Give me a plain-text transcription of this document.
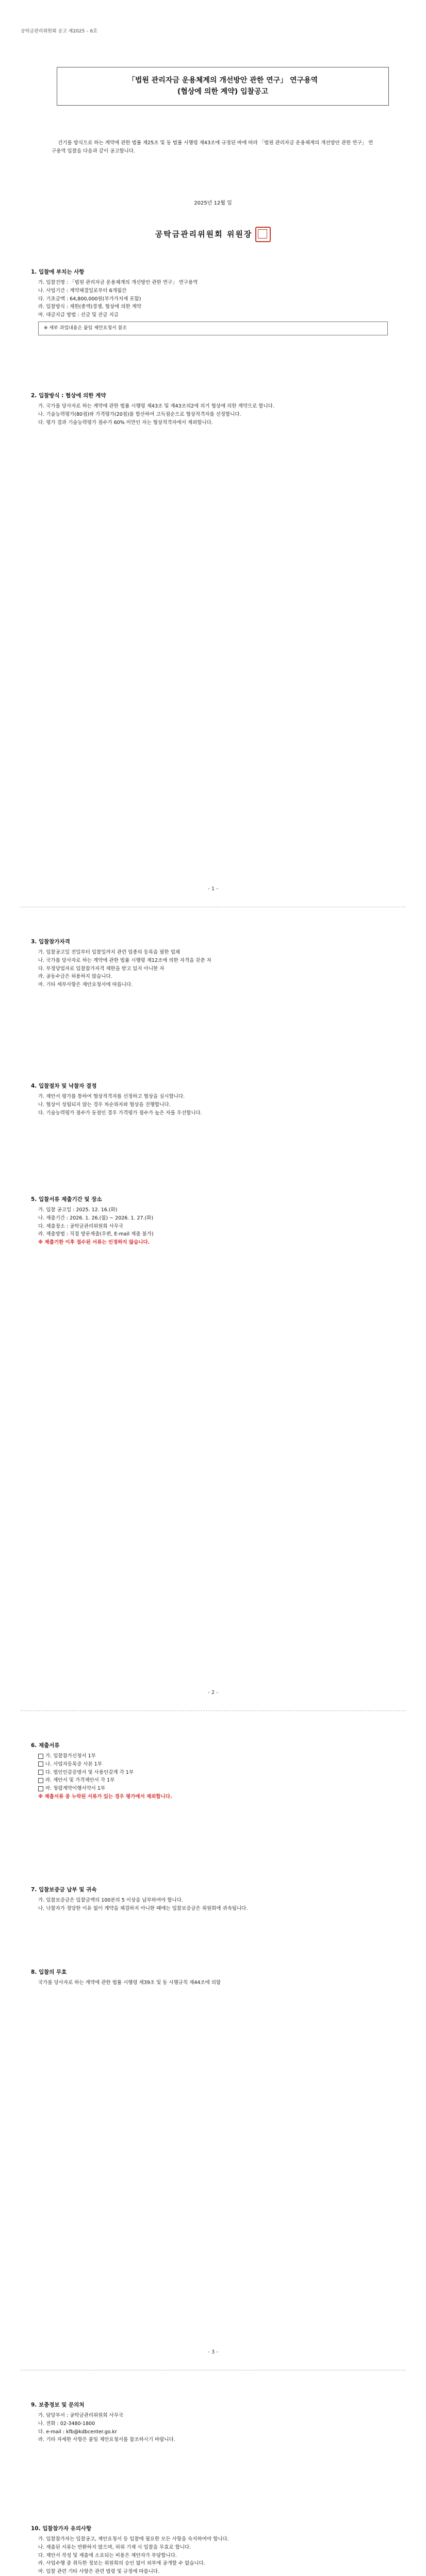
공탁금관리위원회 공고 제2025 – 6호
「법원 관리자금 운용체계의 개선방안 관한 연구」 연구용역
(협상에 의한 계약) 입찰공고
건기를 방식으로 하는 계약에 관한 법률 제25조 및 동 법률 시행령 제43조에 규정된 바에 따라 「법원 관리자금 운용체계의 개선방안 관한 연구」 연구용역 입찰을 다음과 같이 공고합니다.
2025년 12월 일
공탁금관리위원회 위원장
1. 입찰에 부치는 사항
가. 입찰건명 : 「법원 관리자금 운용체계의 개선방안 관한 연구」 연구용역
나. 사업기간 : 계약체결일로부터 6개월간
다. 기초금액 : 64,800,000원(부가가치세 포함)
라. 입찰방식 : 제한(총액)경쟁, 협상에 의한 계약
마. 대금지급 방법 : 선금 및 잔금 지급
※ 세부 과업내용은 붙임 제안요청서 참조
2. 입찰방식 : 협상에 의한 계약
가. 국가를 당사자로 하는 계약에 관한 법률 시행령 제43조 및 제43조의2에 의거 협상에 의한 계약으로 합니다.
나. 기술능력평가(80점)와 가격평가(20점)를 합산하여 고득점순으로 협상적격자를 선정합니다.
다. 평가 결과 기술능력평가 점수가 60% 미만인 자는 협상적격자에서 제외합니다.
- 1 -
3. 입찰참가자격
가. 입찰공고일 전일부터 입찰일까지 관련 업종의 등록을 필한 업체
나. 국가를 당사자로 하는 계약에 관한 법률 시행령 제12조에 의한 자격을 갖춘 자
다. 부정당업자로 입찰참가자격 제한을 받고 있지 아니한 자
라. 공동수급은 허용하지 않습니다.
마. 기타 세부사항은 제안요청서에 따릅니다.
4. 입찰절차 및 낙찰자 결정
가. 제안서 평가를 통하여 협상적격자를 선정하고 협상을 실시합니다.
나. 협상이 성립되지 않는 경우 차순위자와 협상을 진행합니다.
다. 기술능력평가 점수가 동점인 경우 가격평가 점수가 높은 자를 우선합니다.
5. 입찰서류 제출기간 및 장소
가. 입찰 공고일 : 2025. 12. 16.(화)
나. 제출기간 : 2026. 1. 26.(월) ~ 2026. 1. 27.(화)
다. 제출장소 : 공탁금관리위원회 사무국
라. 제출방법 : 직접 방문제출(우편, E-mail 제출 불가)
※ 제출기한 이후 접수된 서류는 인정하지 않습니다.
- 2 -
6. 제출서류
가. 입찰참가신청서 1부
나. 사업자등록증 사본 1부
다. 법인인감증명서 및 사용인감계 각 1부
라. 제안서 및 가격제안서 각 1부
마. 청렴계약이행서약서 1부
※ 제출서류 중 누락된 서류가 있는 경우 평가에서 제외합니다.
7. 입찰보증금 납부 및 귀속
가. 입찰보증금은 입찰금액의 100분의 5 이상을 납부하여야 합니다.
나. 낙찰자가 정당한 이유 없이 계약을 체결하지 아니한 때에는 입찰보증금은 위원회에 귀속됩니다.
8. 입찰의 무효
국가를 당사자로 하는 계약에 관한 법률 시행령 제39조 및 동 시행규칙 제44조에 의함
- 3 -
9. 보충정보 및 문의처
가. 담당부서 : 공탁금관리위원회 사무국
나. 전화 : 02-3480-1800
다. e-mail : kfb@kdbcenter.go.kr
라. 기타 자세한 사항은 붙임 제안요청서를 참조하시기 바랍니다.
10. 입찰참가자 유의사항
가. 입찰참가자는 입찰공고, 제안요청서 등 입찰에 필요한 모든 사항을 숙지하여야 합니다.
나. 제출된 서류는 반환하지 않으며, 허위 기재 시 입찰을 무효로 합니다.
다. 제안서 작성 및 제출에 소요되는 비용은 제안자가 부담합니다.
라. 사업수행 중 취득한 정보는 위원회의 승인 없이 외부에 공개할 수 없습니다.
마. 입찰 관련 기타 사항은 관련 법령 및 규정에 따릅니다.
